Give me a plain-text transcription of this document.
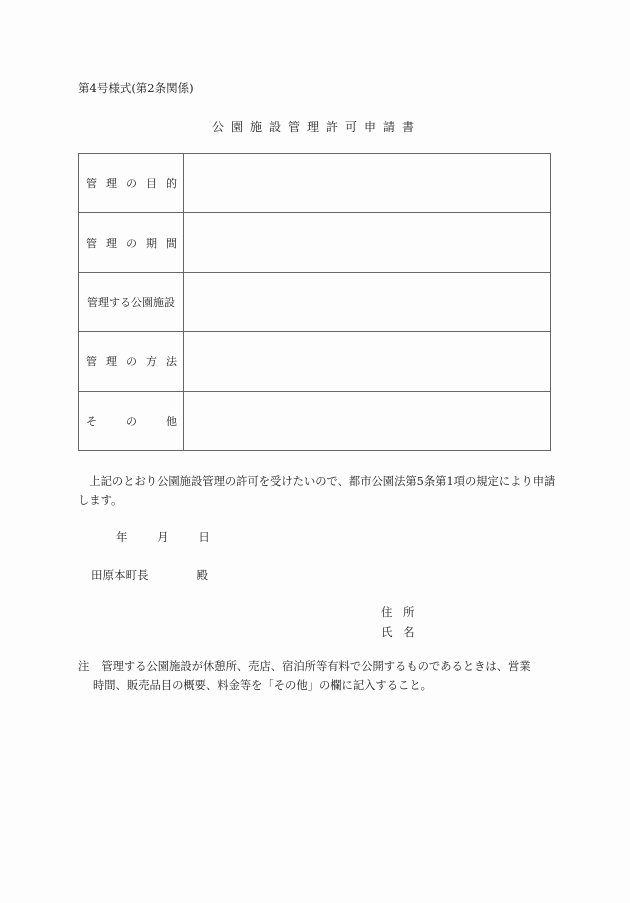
第4号様式(第2条関係)
公園施設管理許可申請書
管 理 の 目 的	

管 理 の 期 間	

管理する公園施設	

管 理 の 方 法	

そ の 他	

　上記のとおり公園施設管理の許可を受けたいので、都市公園法第5条第1項の規定により申請します。
年	月	日
田原本町長	殿
住 所
氏 名
注 管理する公園施設が休憩所、売店、宿泊所等有料で公開するものであるときは、営業
時間、販売品目の概要、料金等を「その他」の欄に記入すること。
